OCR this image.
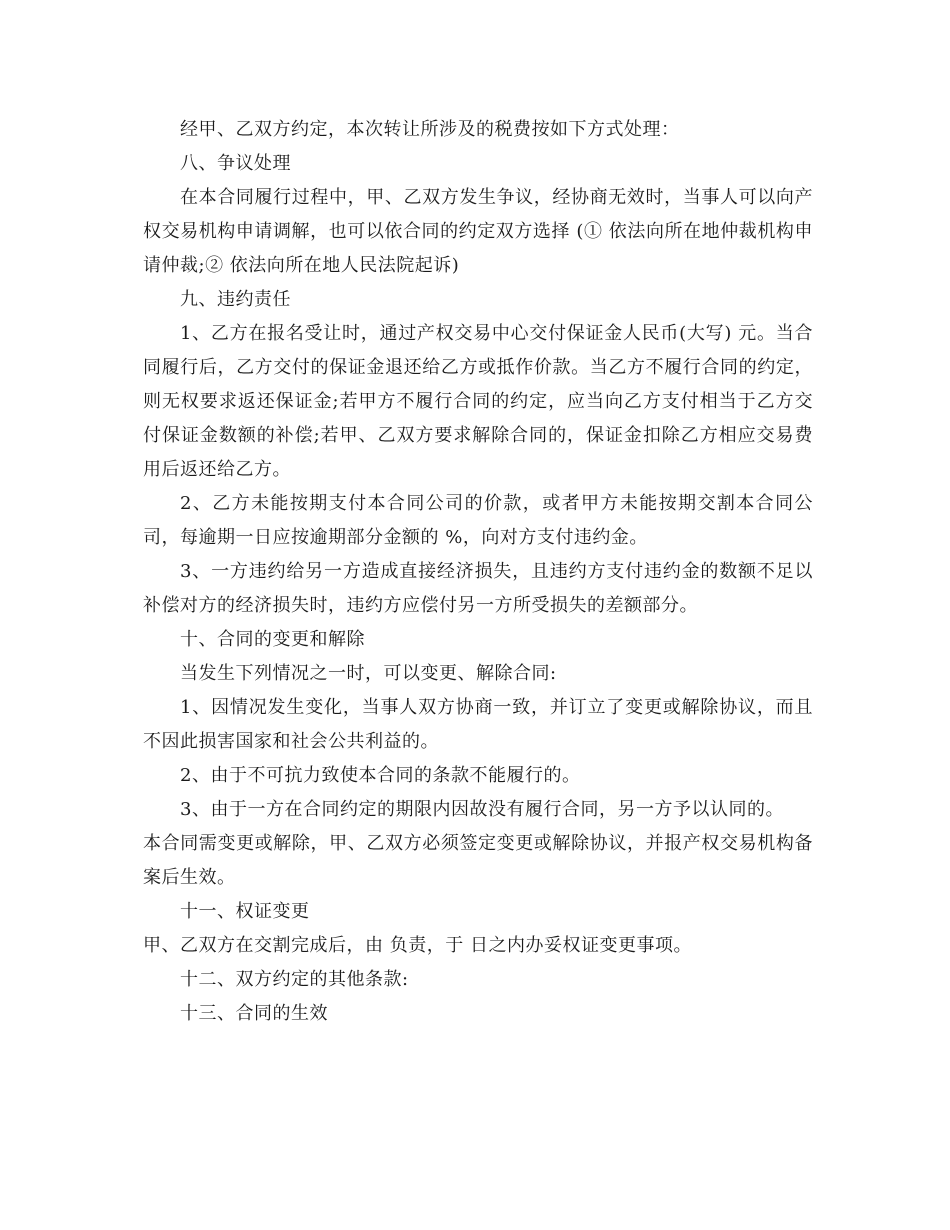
经甲、乙双方约定，本次转让所涉及的税费按如下方式处理：

八、争议处理

在本合同履行过程中，甲、乙双方发生争议，经协商无效时，当事人可以向产权交易机构申请调解，也可以依合同的约定双方选择 (① 依法向所在地仲裁机构申请仲裁;② 依法向所在地人民法院起诉)

九、违约责任

1、乙方在报名受让时，通过产权交易中心交付保证金人民币(大写) 元。当合同履行后，乙方交付的保证金退还给乙方或抵作价款。当乙方不履行合同的约定，则无权要求返还保证金;若甲方不履行合同的约定，应当向乙方支付相当于乙方交付保证金数额的补偿;若甲、乙双方要求解除合同的，保证金扣除乙方相应交易费用后返还给乙方。

2、乙方未能按期支付本合同公司的价款，或者甲方未能按期交割本合同公司，每逾期一日应按逾期部分金额的 %，向对方支付违约金。

3、一方违约给另一方造成直接经济损失，且违约方支付违约金的数额不足以补偿对方的经济损失时，违约方应偿付另一方所受损失的差额部分。

十、合同的变更和解除

当发生下列情况之一时，可以变更、解除合同:

1、因情况发生变化，当事人双方协商一致，并订立了变更或解除协议，而且不因此损害国家和社会公共利益的。

2、由于不可抗力致使本合同的条款不能履行的。

3、由于一方在合同约定的期限内因故没有履行合同，另一方予以认同的。

本合同需变更或解除，甲、乙双方必须签定变更或解除协议，并报产权交易机构备案后生效。

十一、权证变更

甲、乙双方在交割完成后，由 负责，于 日之内办妥权证变更事项。

十二、双方约定的其他条款:

十三、合同的生效
